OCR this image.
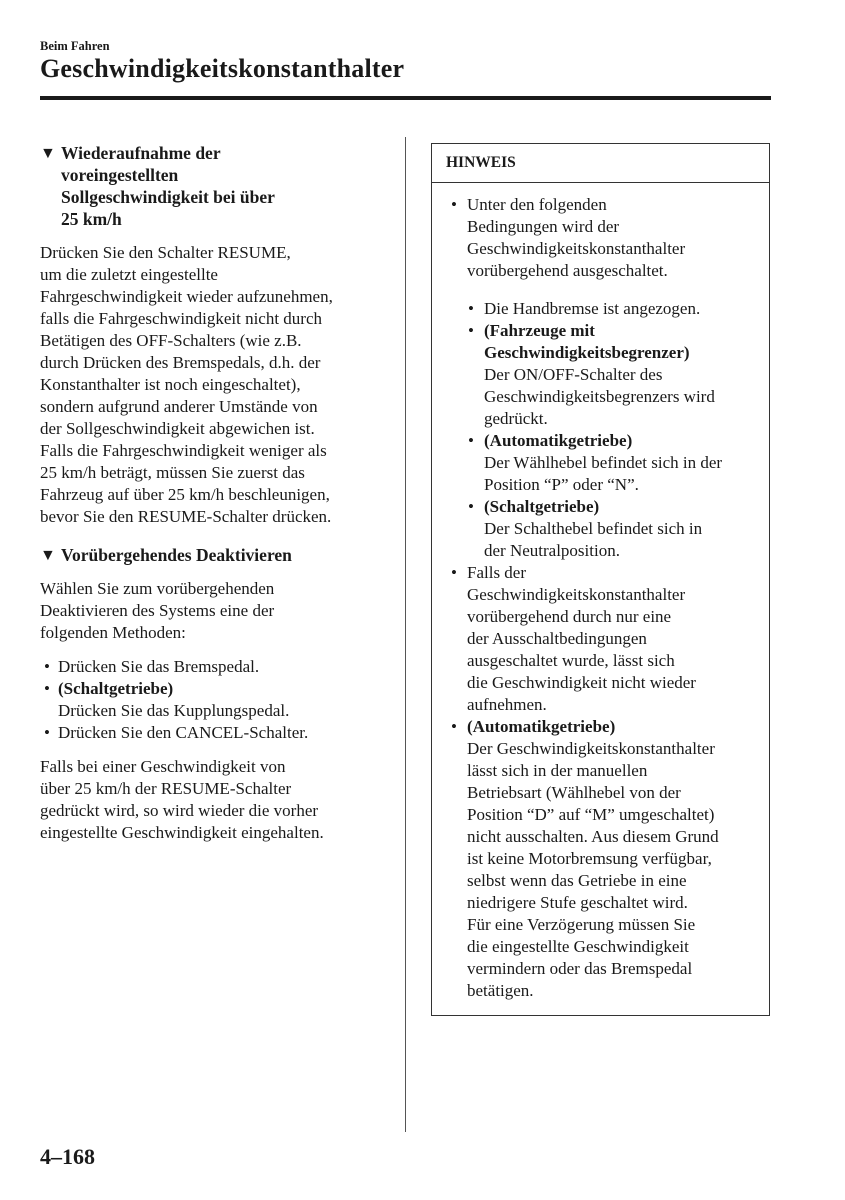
Beim Fahren
Geschwindigkeitskonstanthalter
▼ Wiederaufnahme der
voreingestellten
Sollgeschwindigkeit bei über
25 km/h

Drücken Sie den Schalter RESUME,

um die zuletzt eingestellte

Fahrgeschwindigkeit wieder aufzunehmen,

falls die Fahrgeschwindigkeit nicht durch

Betätigen des OFF-Schalters (wie z.B.

durch Drücken des Bremspedals, d.h. der

Konstanthalter ist noch eingeschaltet),

sondern aufgrund anderer Umstände von

der Sollgeschwindigkeit abgewichen ist.

Falls die Fahrgeschwindigkeit weniger als

25 km/h beträgt, müssen Sie zuerst das

Fahrzeug auf über 25 km/h beschleunigen,

bevor Sie den RESUME-Schalter drücken.

▼ Vorübergehendes Deaktivieren

Wählen Sie zum vorübergehenden

Deaktivieren des Systems eine der

folgenden Methoden:

• Drücken Sie das Bremspedal.
• (Schaltgetriebe)
Drücken Sie das Kupplungspedal.
• Drücken Sie den CANCEL-Schalter.

Falls bei einer Geschwindigkeit von

über 25 km/h der RESUME-Schalter

gedrückt wird, so wird wieder die vorher

eingestellte Geschwindigkeit eingehalten.

HINWEIS
• Unter den folgenden

Bedingungen wird der

Geschwindigkeitskonstanthalter

vorübergehend ausgeschaltet.

• Die Handbremse ist angezogen.

• (Fahrzeuge mit

Geschwindigkeitsbegrenzer)

Der ON/OFF-Schalter des

Geschwindigkeitsbegrenzers wird

gedrückt.

• (Automatikgetriebe)

Der Wählhebel befindet sich in der

Position “P” oder “N”.

• (Schaltgetriebe)

Der Schalthebel befindet sich in

der Neutralposition.

• Falls der

Geschwindigkeitskonstanthalter

vorübergehend durch nur eine

der Ausschaltbedingungen

ausgeschaltet wurde, lässt sich

die Geschwindigkeit nicht wieder

aufnehmen.

• (Automatikgetriebe)

Der Geschwindigkeitskonstanthalter

lässt sich in der manuellen

Betriebsart (Wählhebel von der

Position “D” auf “M” umgeschaltet)

nicht ausschalten. Aus diesem Grund

ist keine Motorbremsung verfügbar,

selbst wenn das Getriebe in eine

niedrigere Stufe geschaltet wird.

Für eine Verzögerung müssen Sie

die eingestellte Geschwindigkeit

vermindern oder das Bremspedal

betätigen.

4–168
